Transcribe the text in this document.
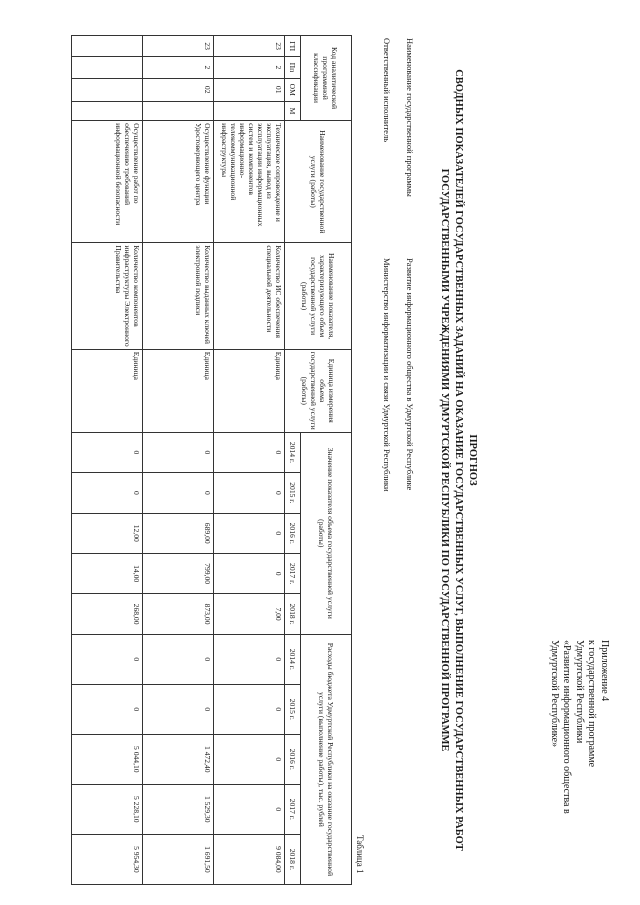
Приложение 4
к государственной программе
Удмуртской Республики
«Развитие информационного общества в
Удмуртской Республике»
ПРОГНОЗ
СВОДНЫХ ПОКАЗАТЕЛЕЙ ГОСУДАРСТВЕННЫХ ЗАДАНИЙ НА ОКАЗАНИЕ ГОСУДАРСТВЕННЫХ УСЛУГ, ВЫПОЛНЕНИЕ ГОСУДАРСТВЕННЫХ РАБОТ
ГОСУДАРСТВЕННЫМИ УЧРЕЖДЕНИЯМИ УДМУРТСКОЙ РЕСПУБЛИКИ ПО ГОСУДАРСТВЕННОЙ ПРОГРАММЕ
Наименование государственной программы
Развитие информационного общества в Удмуртской Республике
Ответственный исполнитель
Министерство информатизации и связи Удмуртской Республики
Таблица 1
Код аналитической программной классификации				Наименование государственной услуги (работы)	Наименование показателя, характеризующего объем государственной услуги (работы)	Единица измерения объема государственной услуги (работы)	Значение показателя объема государственной услуги (работы)					Расходы бюджета Удмуртской Республики на оказание государственной услуги (выполнение работы), тыс. рублей				
ГП	Пп	ОМ	М				2014 г.	2015 г.	2016 г.	2017 г.	2018 г.	2014 г.	2015 г.	2016 г.	2017 г.	2018 г.
23	2	01		Техническое сопровождение и эксплуатация, вывод из эксплуатации информационных систем и компонентов информационно-телекоммуникационной инфраструктуры	Количество ИС обеспечения специальной деятельности	Единица	0	0	0	0	7,00	0	0	0	0	9 084,00
23	2	02		Осуществление функции Удостоверяющего центра	Количество выданных ключей электронной подписи	Единица	0	0	689,00	799,00	873,00	0	0	1 472,40	1 529,30	1 691,50
				Осуществление работ по обеспечению требований информационной безопасности	Количество компонентов инфраструктуры Электронного Правительства	Единица	0	0	12,00	14,00	268,00	0	0	5 044,10	5 228,10	5 954,30
